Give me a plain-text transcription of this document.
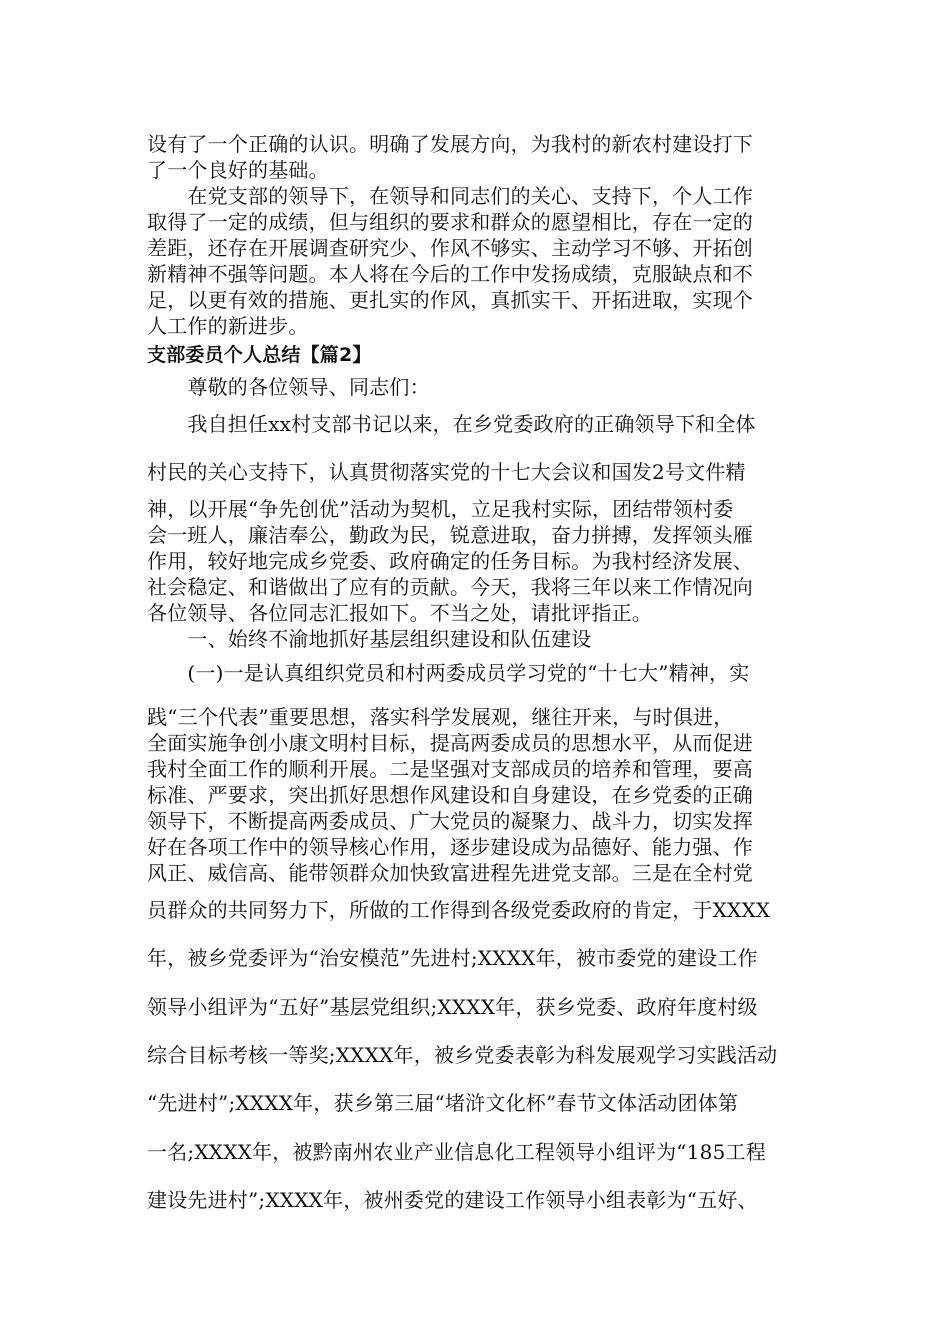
设有了一个正确的认识。明确了发展方向，为我村的新农村建设打下
了一个良好的基础。
　　在党支部的领导下，在领导和同志们的关心、支持下，个人工作
取得了一定的成绩，但与组织的要求和群众的愿望相比，存在一定的
差距，还存在开展调查研究少、作风不够实、主动学习不够、开拓创
新精神不强等问题。本人将在今后的工作中发扬成绩，克服缺点和不
足，以更有效的措施、更扎实的作风，真抓实干、开拓进取，实现个
人工作的新进步。
支部委员个人总结【篇2】
　　尊敬的各位领导、同志们：
　　我自担任xx村支部书记以来，在乡党委政府的正确领导下和全体
村民的关心支持下，认真贯彻落实党的十七大会议和国发2号文件精
神，以开展“争先创优”活动为契机，立足我村实际，团结带领村委
会一班人，廉洁奉公，勤政为民，锐意进取，奋力拼搏，发挥领头雁
作用，较好地完成乡党委、政府确定的任务目标。为我村经济发展、
社会稳定、和谐做出了应有的贡献。今天，我将三年以来工作情况向
各位领导、各位同志汇报如下。不当之处，请批评指正。
　　一、始终不渝地抓好基层组织建设和队伍建设
　　(一)一是认真组织党员和村两委成员学习党的“十七大”精神，实
践“三个代表”重要思想，落实科学发展观，继往开来，与时俱进，
全面实施争创小康文明村目标，提高两委成员的思想水平，从而促进
我村全面工作的顺利开展。二是坚强对支部成员的培养和管理，要高
标准、严要求，突出抓好思想作风建设和自身建设，在乡党委的正确
领导下，不断提高两委成员、广大党员的凝聚力、战斗力，切实发挥
好在各项工作中的领导核心作用，逐步建设成为品德好、能力强、作
风正、威信高、能带领群众加快致富进程先进党支部。三是在全村党
员群众的共同努力下，所做的工作得到各级党委政府的肯定，于XXXX
年，被乡党委评为“治安模范”先进村;XXXX年，被市委党的建设工作
领导小组评为“五好”基层党组织;XXXX年，获乡党委、政府年度村级
综合目标考核一等奖;XXXX年，被乡党委表彰为科发展观学习实践活动
“先进村”;XXXX年，获乡第三届“堵浒文化杯”春节文体活动团体第
一名;XXXX年，被黔南州农业产业信息化工程领导小组评为“185工程
建设先进村”;XXXX年，被州委党的建设工作领导小组表彰为“五好、
